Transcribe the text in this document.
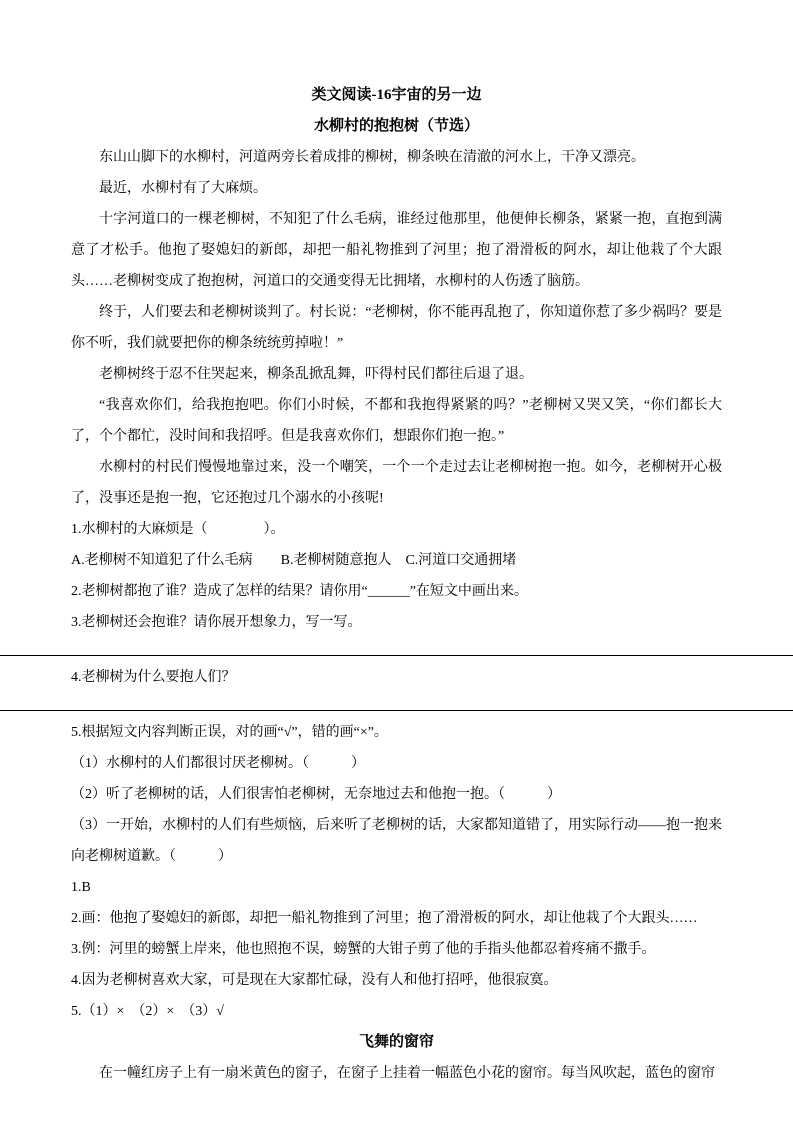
类文阅读-16宇宙的另一边

水柳村的抱抱树（节选）

东山山脚下的水柳村，河道两旁长着成排的柳树，柳条映在清澈的河水上，干净又漂亮。

最近，水柳村有了大麻烦。

十字河道口的一棵老柳树，不知犯了什么毛病，谁经过他那里，他便伸长柳条，紧紧一抱，直抱到满意了才松手。他抱了娶媳妇的新郎，却把一船礼物推到了河里；抱了滑滑板的阿水，却让他栽了个大跟头……老柳树变成了抱抱树，河道口的交通变得无比拥堵，水柳村的人伤透了脑筋。

终于，人们要去和老柳树谈判了。村长说：“老柳树，你不能再乱抱了，你知道你惹了多少祸吗？要是你不听，我们就要把你的柳条统统剪掉啦！”

老柳树终于忍不住哭起来，柳条乱掀乱舞，吓得村民们都往后退了退。

“我喜欢你们，给我抱抱吧。你们小时候，不都和我抱得紧紧的吗？”老柳树又哭又笑，“你们都长大了，个个都忙，没时间和我招呼。但是我喜欢你们，想跟你们抱一抱。”

水柳村的村民们慢慢地靠过来，没一个嘲笑，一个一个走过去让老柳树抱一抱。如今，老柳树开心极了，没事还是抱一抱，它还抱过几个溺水的小孩呢!

1.水柳村的大麻烦是（　　　　）。

A.老柳树不知道犯了什么毛病　　B.老柳树随意抱人　C.河道口交通拥堵

2.老柳树都抱了谁？造成了怎样的结果？请你用“______”在短文中画出来。

3.老柳树还会抱谁？请你展开想象力，写一写。

4.老柳树为什么要抱人们？

5.根据短文内容判断正误，对的画“√”，错的画“×”。

（1）水柳村的人们都很讨厌老柳树。（　　　）

（2）听了老柳树的话，人们很害怕老柳树，无奈地过去和他抱一抱。（　　　）

（3）一开始，水柳村的人们有些烦恼，后来听了老柳树的话，大家都知道错了，用实际行动——抱一抱来向老柳树道歉。（　　　）

1.B

2.画：他抱了娶媳妇的新郎，却把一船礼物推到了河里；抱了滑滑板的阿水，却让他栽了个大跟头……

3.例：河里的螃蟹上岸来，他也照抱不误，螃蟹的大钳子剪了他的手指头他都忍着疼痛不撒手。

4.因为老柳树喜欢大家，可是现在大家都忙碌，没有人和他打招呼，他很寂寞。

5.（1）×　（2）×　（3）√

飞舞的窗帘

在一幢红房子上有一扇米黄色的窗子，在窗子上挂着一幅蓝色小花的窗帘。每当风吹起，蓝色的窗帘
